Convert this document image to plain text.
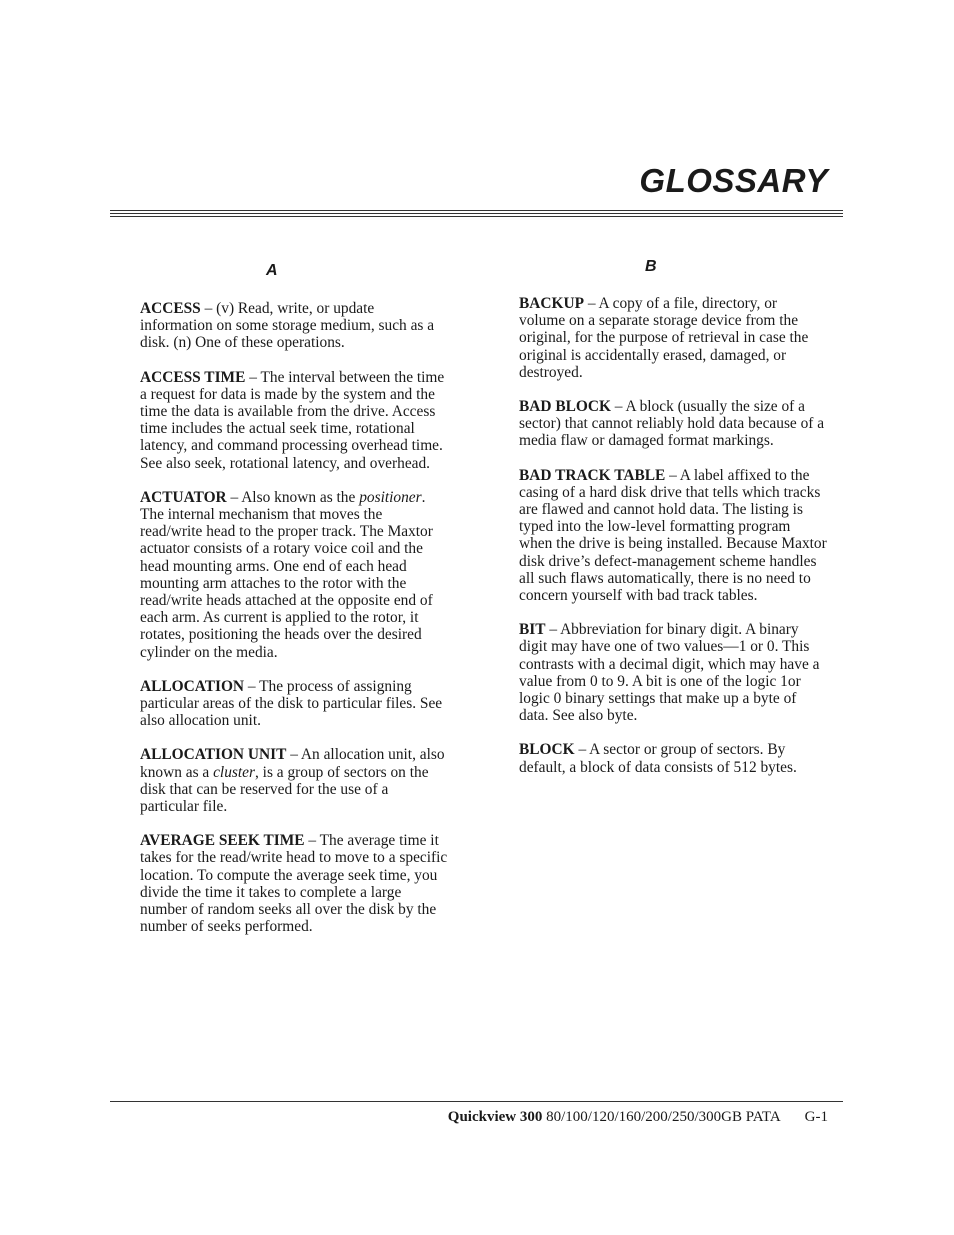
GLOSSARY
A

ACCESS – (v) Read, write, or update information on some storage medium, such as a disk. (n) One of these operations.

ACCESS TIME – The interval between the time a request for data is made by the system and the time the data is available from the drive. Access time includes the actual seek time, rotational latency, and command processing overhead time. See also seek, rotational latency, and overhead.

ACTUATOR – Also known as the positioner. The internal mechanism that moves the read/write head to the proper track. The Maxtor actuator consists of a rotary voice coil and the head mounting arms. One end of each head mounting arm attaches to the rotor with the read/write heads attached at the opposite end of each arm. As current is applied to the rotor, it rotates, positioning the heads over the desired cylinder on the media.

ALLOCATION – The process of assigning particular areas of the disk to particular files. See also allocation unit.

ALLOCATION UNIT – An allocation unit, also known as a cluster, is a group of sectors on the disk that can be reserved for the use of a particular file.

AVERAGE SEEK TIME – The average time it takes for the read/write head to move to a specific location. To compute the average seek time, you divide the time it takes to complete a large number of random seeks all over the disk by the number of seeks performed.

B

BACKUP – A copy of a file, directory, or volume on a separate storage device from the original, for the purpose of retrieval in case the original is accidentally erased, damaged, or destroyed.

BAD BLOCK – A block (usually the size of a sector) that cannot reliably hold data because of a media flaw or damaged format markings.

BAD TRACK TABLE – A label affixed to the casing of a hard disk drive that tells which tracks are flawed and cannot hold data. The listing is typed into the low-level formatting program when the drive is being installed. Because Maxtor disk drive’s defect-management scheme handles all such flaws automatically, there is no need to concern yourself with bad track tables.

BIT – Abbreviation for binary digit. A binary digit may have one of two values—1 or 0. This contrasts with a decimal digit, which may have a value from 0 to 9. A bit is one of the logic 1or logic 0 binary settings that make up a byte of data. See also byte.

BLOCK – A sector or group of sectors. By default, a block of data consists of 512 bytes.

Quickview 300 80/100/120/160/200/250/300GB PATA G-1
